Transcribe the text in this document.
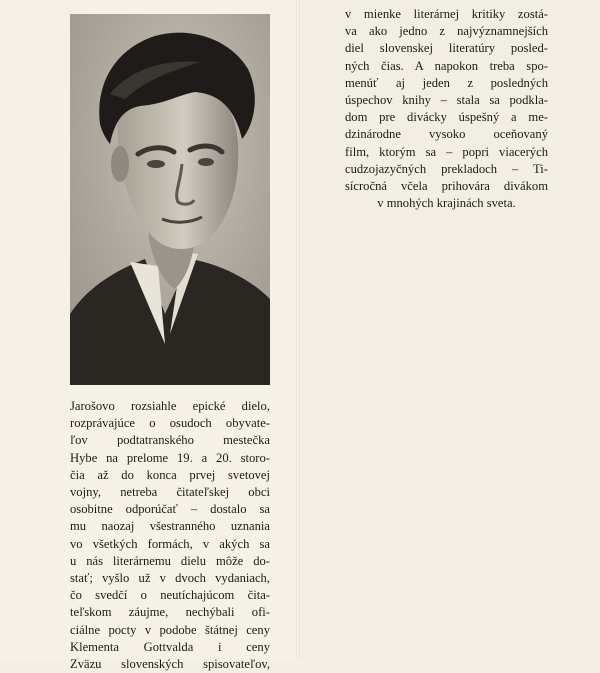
Jarošovo rozsiahle epické dielo,
rozprávajúce o osudoch obyvate-
ľov podtatranského mestečka
Hybe na prelome 19. a 20. storo-
čia až do konca prvej svetovej
vojny, netreba čitateľskej obci
osobitne odporúčať – dostalo sa
mu naozaj všestranného uznania
vo všetkých formách, v akých sa
u nás literárnemu dielu môže do-
stať; vyšlo už v dvoch vydaniach,
čo svedčí o neutíchajúcom čita-
teľskom záujme, nechýbali ofi-
ciálne pocty v podobe štátnej ceny
Klementa Gottvalda i ceny
Zväzu slovenských spisovateľov,
v mienke literárnej kritiky zostá-
va ako jedno z najvýznamnejších
diel slovenskej literatúry posled-
ných čias. A napokon treba spo-
menúť aj jeden z posledných
úspechov knihy – stala sa podkla-
dom pre divácky úspešný a me-
dzinárodne vysoko oceňovaný
film, ktorým sa – popri viacerých
cudzojazyčných prekladoch – Ti-
sícročná včela prihovára divákom
v mnohých krajinách sveta.
